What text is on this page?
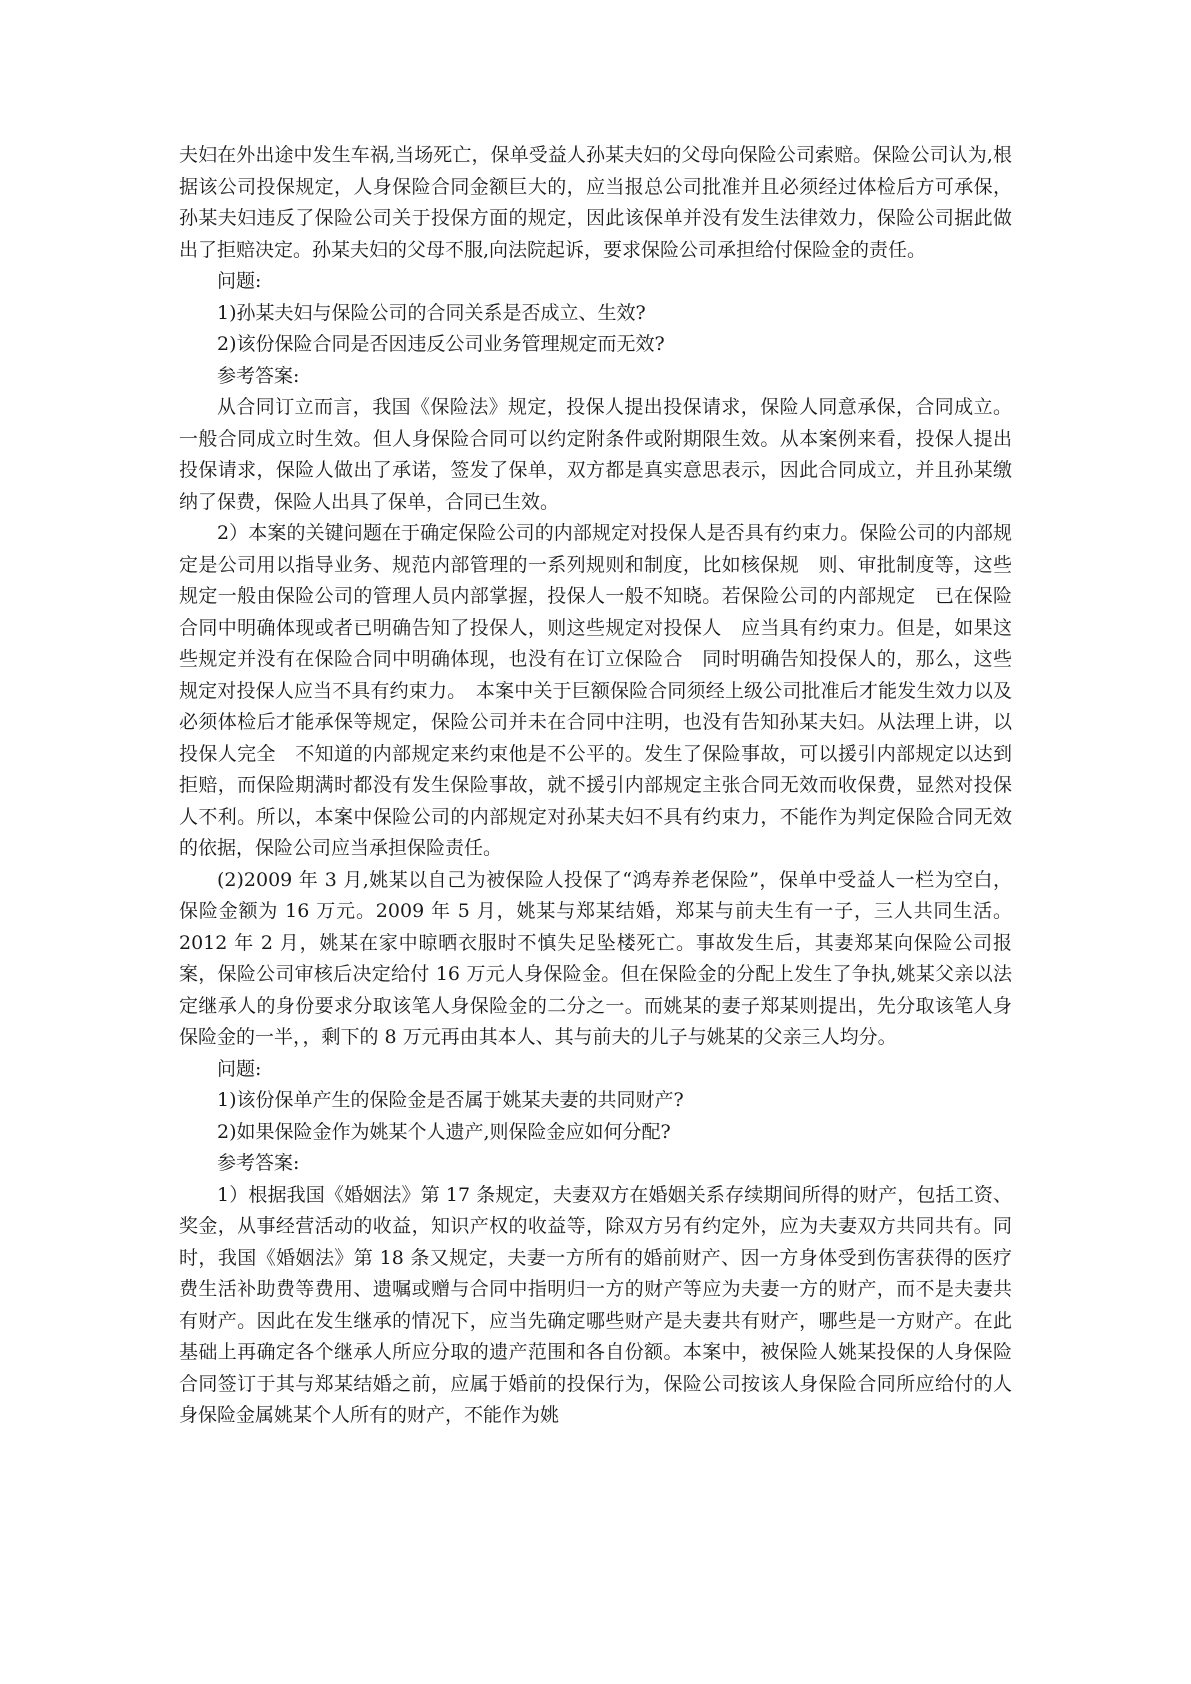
夫妇在外出途中发生车祸,当场死亡，保单受益人孙某夫妇的父母向保险公司索赔。保险公司认为,根据该公司投保规定，人身保险合同金额巨大的，应当报总公司批准并且必须经过体检后方可承保，孙某夫妇违反了保险公司关于投保方面的规定，因此该保单并没有发生法律效力，保险公司据此做出了拒赔决定。孙某夫妇的父母不服,向法院起诉，要求保险公司承担给付保险金的责任。

问题:

1)孙某夫妇与保险公司的合同关系是否成立、生效?

2)该份保险合同是否因违反公司业务管理规定而无效?

参考答案:

从合同订立而言，我国《保险法》规定，投保人提出投保请求，保险人同意承保，合同成立。一般合同成立时生效。但人身保险合同可以约定附条件或附期限生效。从本案例来看，投保人提出投保请求，保险人做出了承诺，签发了保单，双方都是真实意思表示，因此合同成立，并且孙某缴纳了保费，保险人出具了保单，合同已生效。

2）本案的关键问题在于确定保险公司的内部规定对投保人是否具有约束力。保险公司的内部规定是公司用以指导业务、规范内部管理的一系列规则和制度，比如核保规　则、审批制度等，这些规定一般由保险公司的管理人员内部掌握，投保人一般不知晓。若保险公司的内部规定　已在保险合同中明确体现或者已明确告知了投保人，则这些规定对投保人　应当具有约束力。但是，如果这些规定并没有在保险合同中明确体现，也没有在订立保险合　同时明确告知投保人的，那么，这些规定对投保人应当不具有约束力。　本案中关于巨额保险合同须经上级公司批准后才能发生效力以及必须体检后才能承保等规定，保险公司并未在合同中注明，也没有告知孙某夫妇。从法理上讲，以投保人完全　不知道的内部规定来约束他是不公平的。发生了保险事故，可以援引内部规定以达到拒赔，而保险期满时都没有发生保险事故，就不援引内部规定主张合同无效而收保费，显然对投保人不利。所以，本案中保险公司的内部规定对孙某夫妇不具有约束力，不能作为判定保险合同无效的依据，保险公司应当承担保险责任。

(2)2009 年 3 月,姚某以自己为被保险人投保了“鸿寿养老保险”，保单中受益人一栏为空白，保险金额为 16 万元。2009 年 5 月，姚某与郑某结婚，郑某与前夫生有一子，三人共同生活。2012 年 2 月，姚某在家中晾晒衣服时不慎失足坠楼死亡。事故发生后，其妻郑某向保险公司报案，保险公司审核后决定给付 16 万元人身保险金。但在保险金的分配上发生了争执,姚某父亲以法定继承人的身份要求分取该笔人身保险金的二分之一。而姚某的妻子郑某则提出，先分取该笔人身保险金的一半，，剩下的 8 万元再由其本人、其与前夫的儿子与姚某的父亲三人均分。

问题:

1)该份保单产生的保险金是否属于姚某夫妻的共同财产?

2)如果保险金作为姚某个人遗产,则保险金应如何分配?

参考答案:

1）根据我国《婚姻法》第 17 条规定，夫妻双方在婚姻关系存续期间所得的财产，包括工资、奖金，从事经营活动的收益，知识产权的收益等，除双方另有约定外，应为夫妻双方共同共有。同时，我国《婚姻法》第 18 条又规定，夫妻一方所有的婚前财产、因一方身体受到伤害获得的医疗费生活补助费等费用、遗嘱或赠与合同中指明归一方的财产等应为夫妻一方的财产，而不是夫妻共有财产。因此在发生继承的情况下，应当先确定哪些财产是夫妻共有财产，哪些是一方财产。在此基础上再确定各个继承人所应分取的遗产范围和各自份额。本案中，被保险人姚某投保的人身保险合同签订于其与郑某结婚之前，应属于婚前的投保行为，保险公司按该人身保险合同所应给付的人身保险金属姚某个人所有的财产，不能作为姚
